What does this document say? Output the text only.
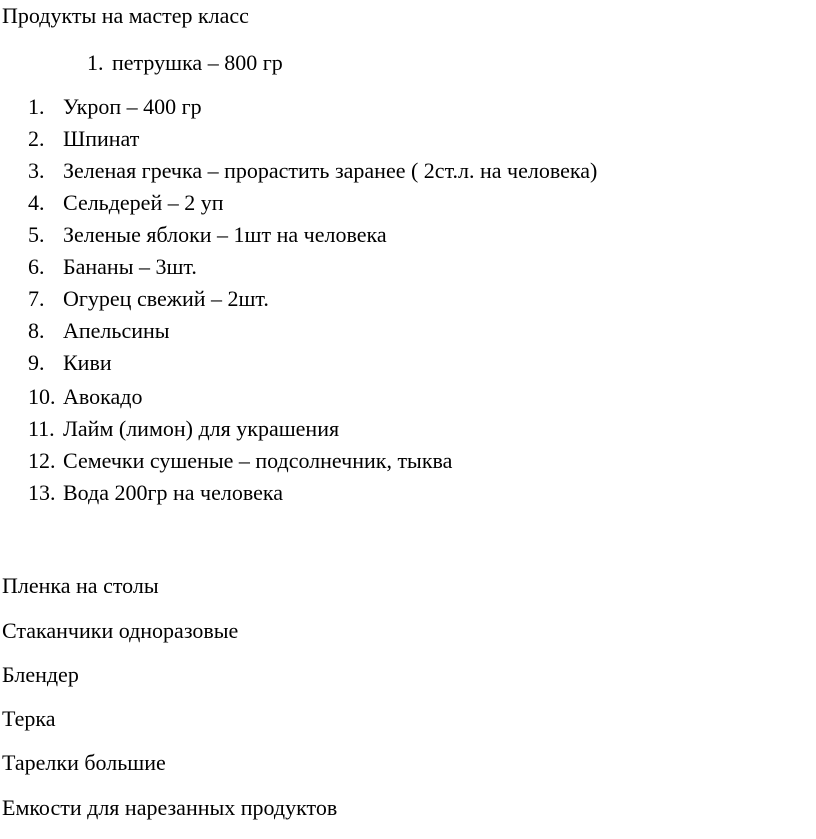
Продукты на мастер класс
1. петрушка – 800 гр
1. Укроп – 400 гр
2. Шпинат
3. Зеленая гречка – прорастить заранее ( 2ст.л. на человека)
4. Сельдерей – 2 уп
5. Зеленые яблоки – 1шт на человека
6. Бананы – 3шт.
7. Огурец свежий – 2шт.
8. Апельсины
9. Киви
10. Авокадо
11. Лайм (лимон) для украшения
12. Семечки сушеные – подсолнечник, тыква
13. Вода 200гр на человека
Пленка на столы
Стаканчики одноразовые
Блендер
Терка
Тарелки большие
Емкости для нарезанных продуктов
